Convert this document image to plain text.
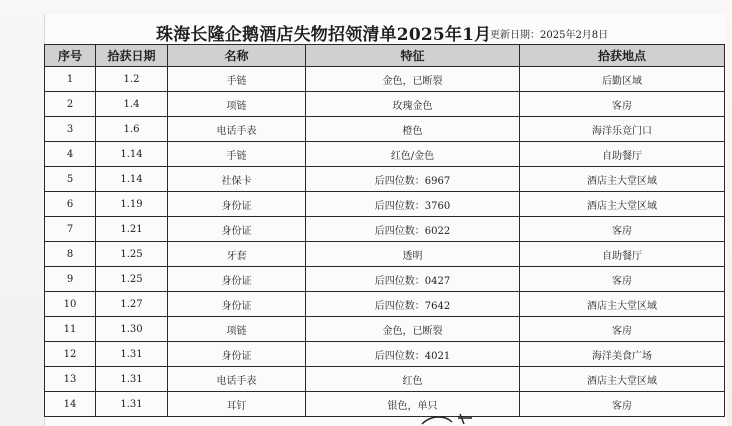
珠海长隆企鹅酒店失物招领清单2025年1月
更新日期：2025年2月8日
序号	拾获日期	名称	特征	拾获地点
1	1.2	手链	金色，已断裂	后勤区域
2	1.4	项链	玫瑰金色	客房
3	1.6	电话手表	橙色	海洋乐竞门口
4	1.14	手链	红色/金色	自助餐厅
5	1.14	社保卡	后四位数：6967	酒店主大堂区域
6	1.19	身份证	后四位数：3760	酒店主大堂区域
7	1.21	身份证	后四位数：6022	客房
8	1.25	牙套	透明	自助餐厅
9	1.25	身份证	后四位数：0427	客房
10	1.27	身份证	后四位数：7642	酒店主大堂区域
11	1.30	项链	金色，已断裂	客房
12	1.31	身份证	后四位数：4021	海洋美食广场
13	1.31	电话手表	红色	酒店主大堂区域
14	1.31	耳钉	银色，单只	客房
